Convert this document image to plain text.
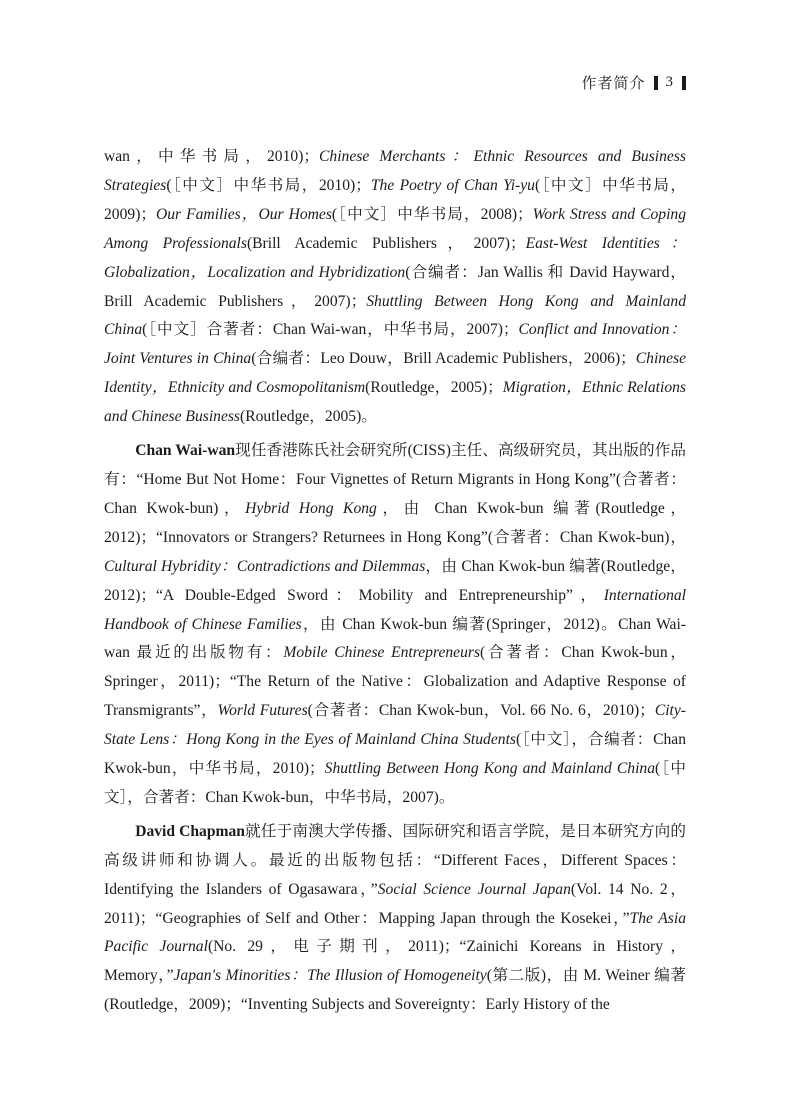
作者简介 3

wan，中华书局，2010)；Chinese Merchants：Ethnic Resources and Business Strategies(［中文］中华书局，2010)；The Poetry of Chan Yi-yu(［中文］中华书局，2009)；Our Families，Our Homes(［中文］中华书局，2008)；Work Stress and Coping Among Professionals(Brill Academic Publishers，2007)；East-West Identities：Globalization，Localization and Hybridization(合编者：Jan Wallis 和 David Hayward，Brill Academic Publishers，2007)；Shuttling Between Hong Kong and Mainland China(［中文］合著者：Chan Wai-wan，中华书局，2007)；Conflict and Innovation：Joint Ventures in China(合编者：Leo Douw，Brill Academic Publishers，2006)；Chinese Identity，Ethnicity and Cosmopolitanism(Routledge，2005)；Migration，Ethnic Relations and Chinese Business(Routledge，2005)。

Chan Wai-wan现任香港陈氏社会研究所(CISS)主任、高级研究员，其出版的作品有：“Home But Not Home：Four Vignettes of Return Migrants in Hong Kong”(合著者：Chan Kwok-bun)，Hybrid Hong Kong，由 Chan Kwok-bun 编著(Routledge，2012)；“Innovators or Strangers? Returnees in Hong Kong”(合著者：Chan Kwok-bun)，Cultural Hybridity：Contradictions and Dilemmas，由 Chan Kwok-bun 编著(Routledge，2012)；“A Double-Edged Sword：Mobility and Entrepreneurship”，International Handbook of Chinese Families，由 Chan Kwok-bun 编著(Springer，2012)。Chan Wai-wan 最近的出版物有：Mobile Chinese Entrepreneurs(合著者：Chan Kwok-bun，Springer，2011)；“The Return of the Native：Globalization and Adaptive Response of Transmigrants”，World Futures(合著者：Chan Kwok-bun，Vol. 66 No. 6，2010)；City-State Lens：Hong Kong in the Eyes of Mainland China Students(［中文］，合编者：Chan Kwok-bun，中华书局，2010)；Shuttling Between Hong Kong and Mainland China(［中文］，合著者：Chan Kwok-bun，中华书局，2007)。

David Chapman就任于南澳大学传播、国际研究和语言学院，是日本研究方向的高级讲师和协调人。最近的出版物包括：“Different Faces，Different Spaces：Identifying the Islanders of Ogasawara，”Social Science Journal Japan(Vol. 14 No. 2，2011)；“Geographies of Self and Other：Mapping Japan through the Kosekei，”The Asia Pacific Journal(No. 29，电子期刊，2011)；“Zainichi Koreans in History，Memory，”Japan's Minorities：The Illusion of Homogeneity(第二版)，由 M. Weiner 编著(Routledge，2009)；“Inventing Subjects and Sovereignty：Early History of the
